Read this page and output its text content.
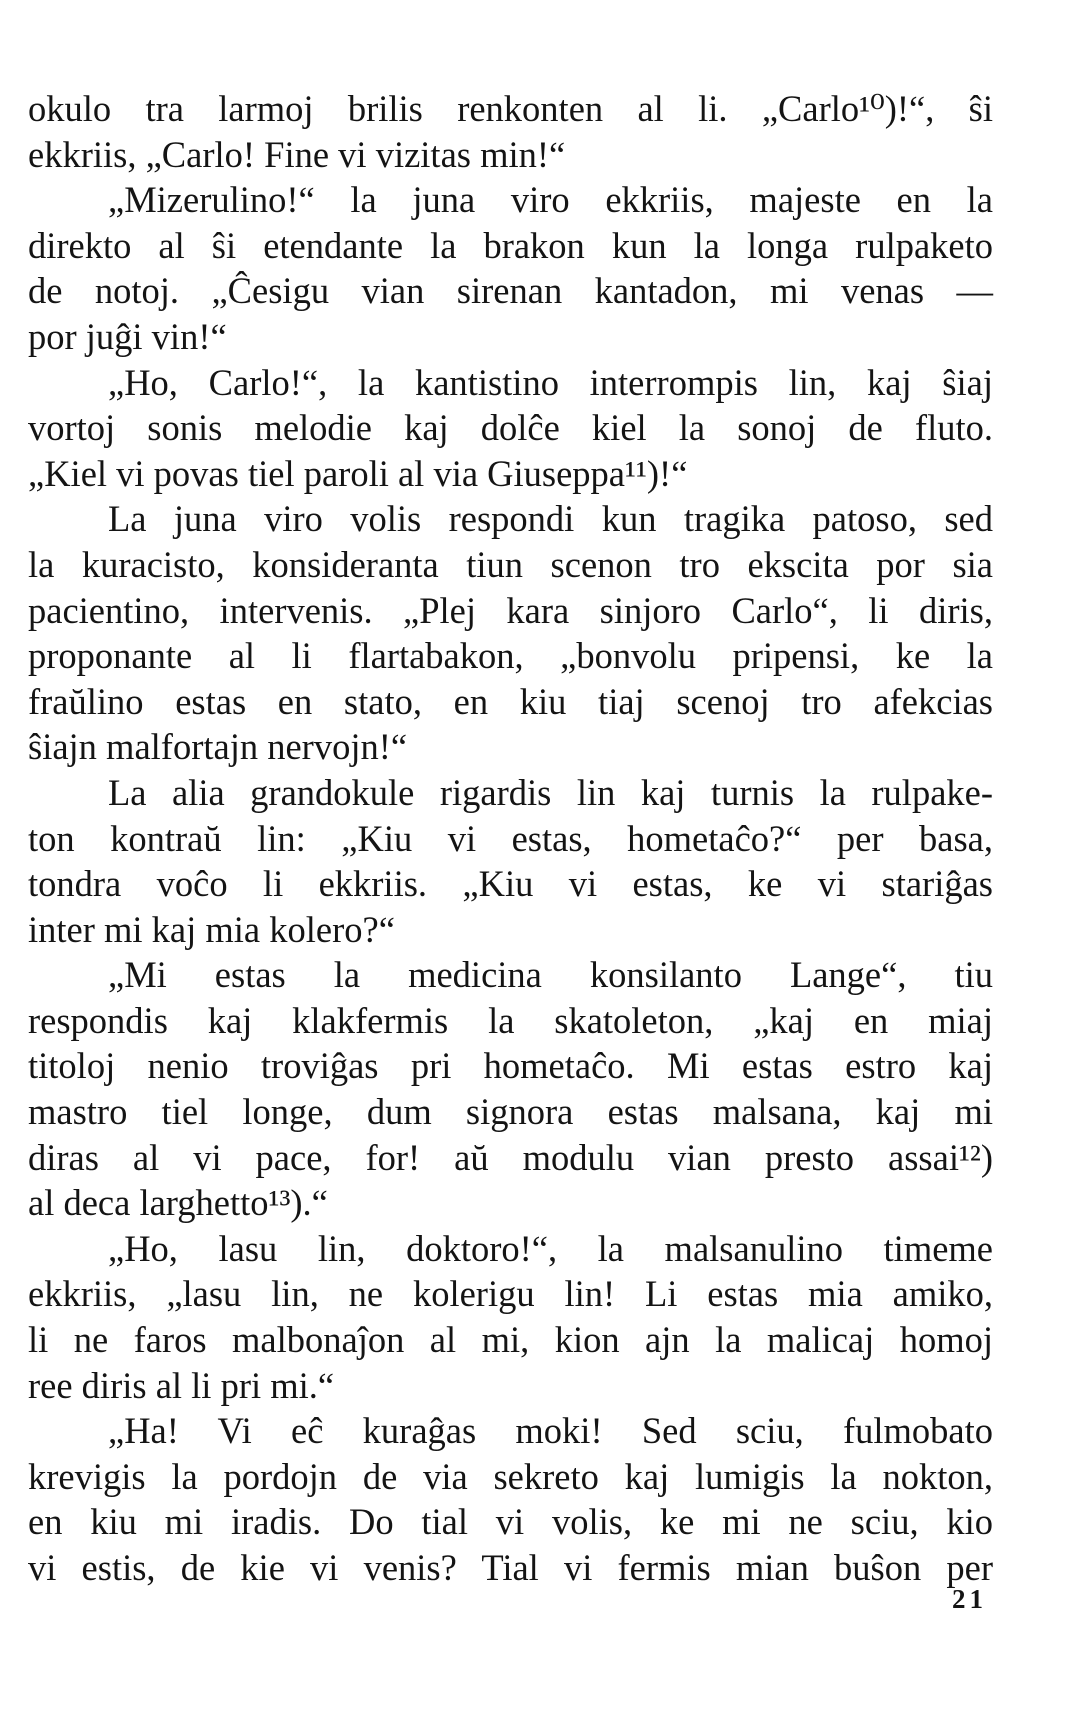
okulo tra larmoj brilis renkonten al li. „Carlo¹⁰)!“, ŝi
ekkriis, „Carlo! Fine vi vizitas min!“
„Mizerulino!“ la juna viro ekkriis, majeste en la
direkto al ŝi etendante la brakon kun la longa rulpaketo
de notoj. „Ĉesigu vian sirenan kantadon, mi venas —
por juĝi vin!“
„Ho, Carlo!“, la kantistino interrompis lin, kaj ŝiaj
vortoj sonis melodie kaj dolĉe kiel la sonoj de fluto.
„Kiel vi povas tiel paroli al via Giuseppa¹¹)!“
La juna viro volis respondi kun tragika patoso, sed
la kuracisto, konsideranta tiun scenon tro ekscita por sia
pacientino, intervenis. „Plej kara sinjoro Carlo“, li diris,
proponante al li flartabakon, „bonvolu pripensi, ke la
fraŭlino estas en stato, en kiu tiaj scenoj tro afekcias
ŝiajn malfortajn nervojn!“
La alia grandokule rigardis lin kaj turnis la rulpake-
ton kontraŭ lin: „Kiu vi estas, hometaĉo?“ per basa,
tondra voĉo li ekkriis. „Kiu vi estas, ke vi stariĝas
inter mi kaj mia kolero?“
„Mi estas la medicina konsilanto Lange“, tiu
respondis kaj klakfermis la skatoleton, „kaj en miaj
titoloj nenio troviĝas pri hometaĉo. Mi estas estro kaj
mastro tiel longe, dum signora estas malsana, kaj mi
diras al vi pace, for! aŭ modulu vian presto assai¹²)
al deca larghetto¹³).“
„Ho, lasu lin, doktoro!“, la malsanulino timeme
ekkriis, „lasu lin, ne kolerigu lin! Li estas mia amiko,
li ne faros malbonaĵon al mi, kion ajn la malicaj homoj
ree diris al li pri mi.“
„Ha! Vi eĉ kuraĝas moki! Sed sciu, fulmobato
krevigis la pordojn de via sekreto kaj lumigis la nokton,
en kiu mi iradis. Do tial vi volis, ke mi ne sciu, kio
vi estis, de kie vi venis? Tial vi fermis mian buŝon per
21
